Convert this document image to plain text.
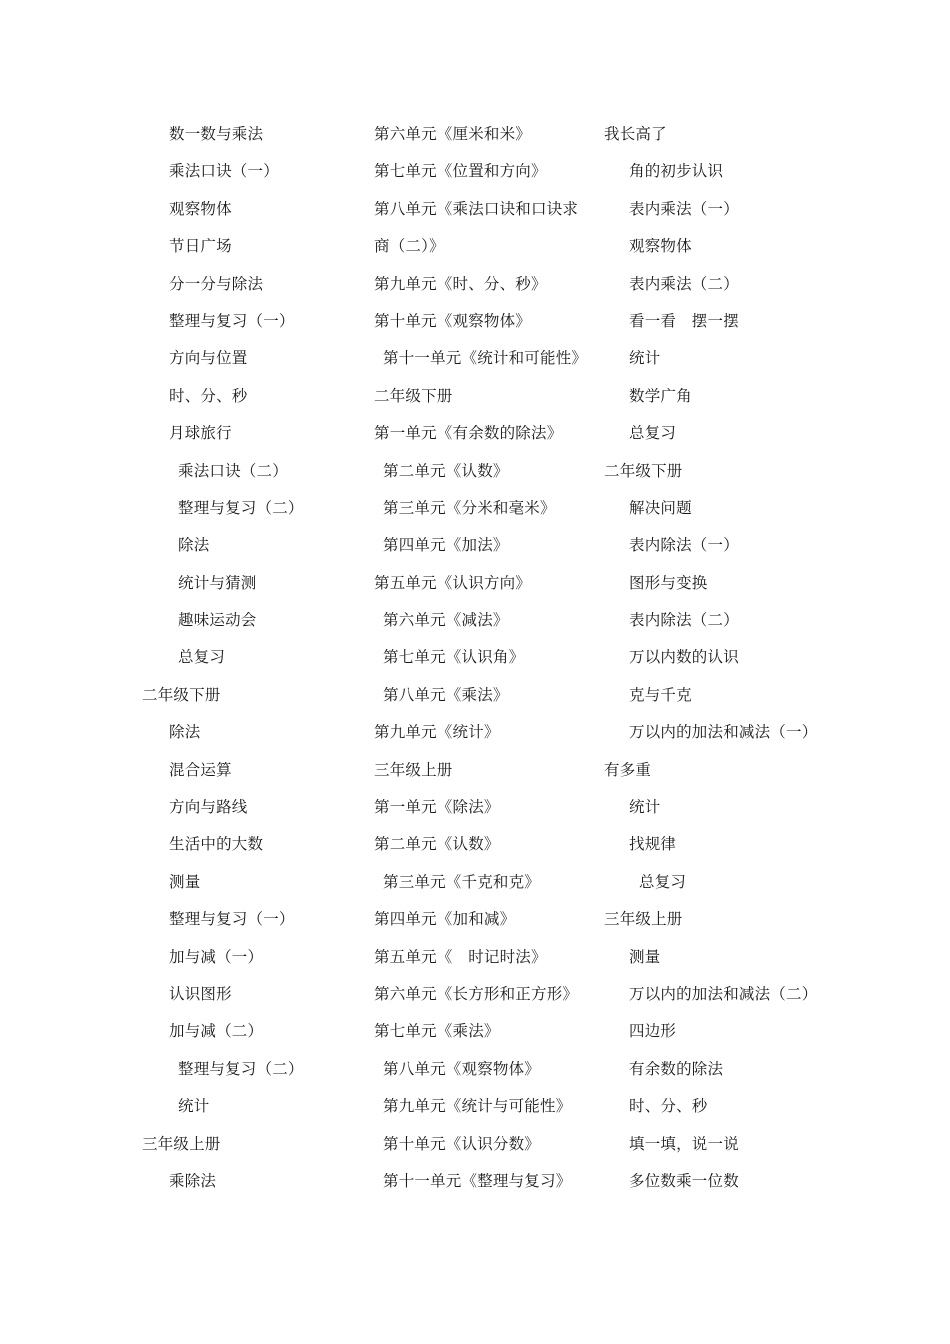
数一数与乘法
乘法口诀（一）
观察物体
节日广场
分一分与除法
整理与复习（一）
方向与位置
时、分、秒
月球旅行
乘法口诀（二）
整理与复习（二）
除法
统计与猜测
趣味运动会
总复习
二年级下册
除法
混合运算
方向与路线
生活中的大数
测量
整理与复习（一）
加与减（一）
认识图形
加与减（二）
整理与复习（二）
统计
三年级上册
乘除法
第六单元《厘米和米》
第七单元《位置和方向》
第八单元《乘法口诀和口诀求
商（二）》
第九单元《时、分、秒》
第十单元《观察物体》
第十一单元《统计和可能性》
二年级下册
第一单元《有余数的除法》
第二单元《认数》
第三单元《分米和毫米》
第四单元《加法》
第五单元《认识方向》
第六单元《减法》
第七单元《认识角》
第八单元《乘法》
第九单元《统计》
三年级上册
第一单元《除法》
第二单元《认数》
第三单元《千克和克》
第四单元《加和减》
第五单元《　时记时法》
第六单元《长方形和正方形》
第七单元《乘法》
第八单元《观察物体》
第九单元《统计与可能性》
第十单元《认识分数》
第十一单元《整理与复习》
我长高了
角的初步认识
表内乘法（一）
观察物体
表内乘法（二）
看一看　摆一摆
统计
数学广角
总复习
二年级下册
解决问题
表内除法（一）
图形与变换
表内除法（二）
万以内数的认识
克与千克
万以内的加法和减法（一）
有多重
统计
找规律
总复习
三年级上册
测量
万以内的加法和减法（二）
四边形
有余数的除法
时、分、秒
填一填，说一说
多位数乘一位数
